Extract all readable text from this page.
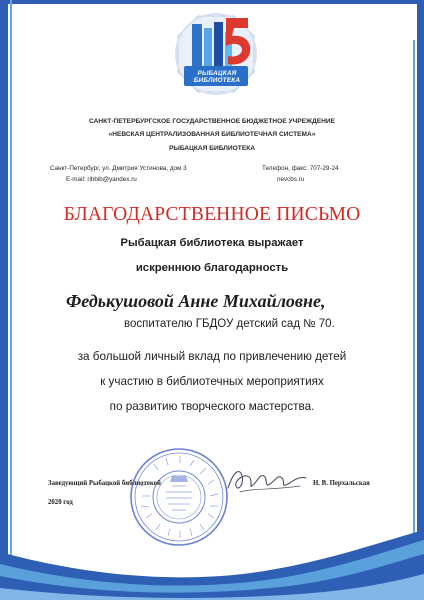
РЫБАЦКАЯ
БИБЛИОТЕКА
САНКТ-ПЕТЕРБУРГСКОЕ ГОСУДАРСТВЕННОЕ БЮДЖЕТНОЕ УЧРЕЖДЕНИЕ
«НЕВСКАЯ ЦЕНТРАЛИЗОВАННАЯ БИБЛИОТЕЧНАЯ СИСТЕМА»
РЫБАЦКАЯ БИБЛИОТЕКА
Санкт-Петербург, ул. Дмитрия Устинова, дом 3
E-mail: ribbib@yandex.ru
Телефон, факс: 707-29-24
nevcbs.ru
БЛАГОДАРСТВЕННОЕ ПИСЬМО
Рыбацкая библиотека выражает
искреннюю благодарность
Федькушовой Анне Михайловне,
воспитателю ГБДОУ детский сад № 70.
за большой личный вклад по привлечению детей
к участию в библиотечных мероприятиях
по развитию творческого мастерства.
Заведующий Рыбацкой библиотекой
2020 год
Н. В. Перхальская
